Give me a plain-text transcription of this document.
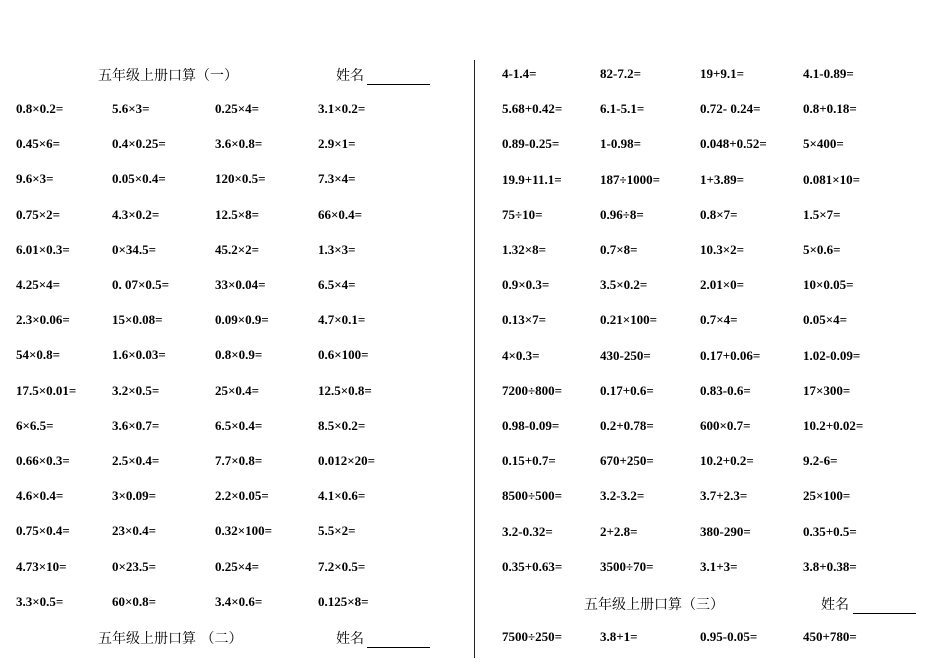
五年级上册口算（一）	姓名
五年级上册口算 （二）	姓名
五年级上册口算（三）	姓名
0.8×0.2=	5.6×3=	0.25×4=	3.1×0.2=
0.45×6=	0.4×0.25=	3.6×0.8=	2.9×1=
9.6×3=	0.05×0.4=	120×0.5=	7.3×4=
0.75×2=	4.3×0.2=	12.5×8=	66×0.4=
6.01×0.3=	0×34.5=	45.2×2=	1.3×3=
4.25×4=	0. 07×0.5=	33×0.04=	6.5×4=
2.3×0.06=	15×0.08=	0.09×0.9=	4.7×0.1=
54×0.8=	1.6×0.03=	0.8×0.9=	0.6×100=
17.5×0.01=	3.2×0.5=	25×0.4=	12.5×0.8=
6×6.5=	3.6×0.7=	6.5×0.4=	8.5×0.2=
0.66×0.3=	2.5×0.4=	7.7×0.8=	0.012×20=
4.6×0.4=	3×0.09=	2.2×0.05=	4.1×0.6=
0.75×0.4=	23×0.4=	0.32×100=	5.5×2=
4.73×10=	0×23.5=	0.25×4=	7.2×0.5=
3.3×0.5=	60×0.8=	3.4×0.6=	0.125×8=
4-1.4=	82-7.2=	19+9.1=	4.1-0.89=
5.68+0.42=	6.1-5.1=	0.72- 0.24=	0.8+0.18=
0.89-0.25=	1-0.98=	0.048+0.52=	5×400=
19.9+11.1=	187÷1000=	1+3.89=	0.081×10=
75÷10=	0.96÷8=	0.8×7=	1.5×7=
1.32×8=	0.7×8=	10.3×2=	5×0.6=
0.9×0.3=	3.5×0.2=	2.01×0=	10×0.05=
0.13×7=	0.21×100=	0.7×4=	0.05×4=
4×0.3=	430-250=	0.17+0.06=	1.02-0.09=
7200÷800=	0.17+0.6=	0.83-0.6=	17×300=
0.98-0.09=	0.2+0.78=	600×0.7=	10.2+0.02=
0.15+0.7=	670+250=	10.2+0.2=	9.2-6=
8500÷500=	3.2-3.2=	3.7+2.3=	25×100=
3.2-0.32=	2+2.8=	380-290=	0.35+0.5=
0.35+0.63=	3500÷70=	3.1+3=	3.8+0.38=
7500÷250=	3.8+1=	0.95-0.05=	450+780=
